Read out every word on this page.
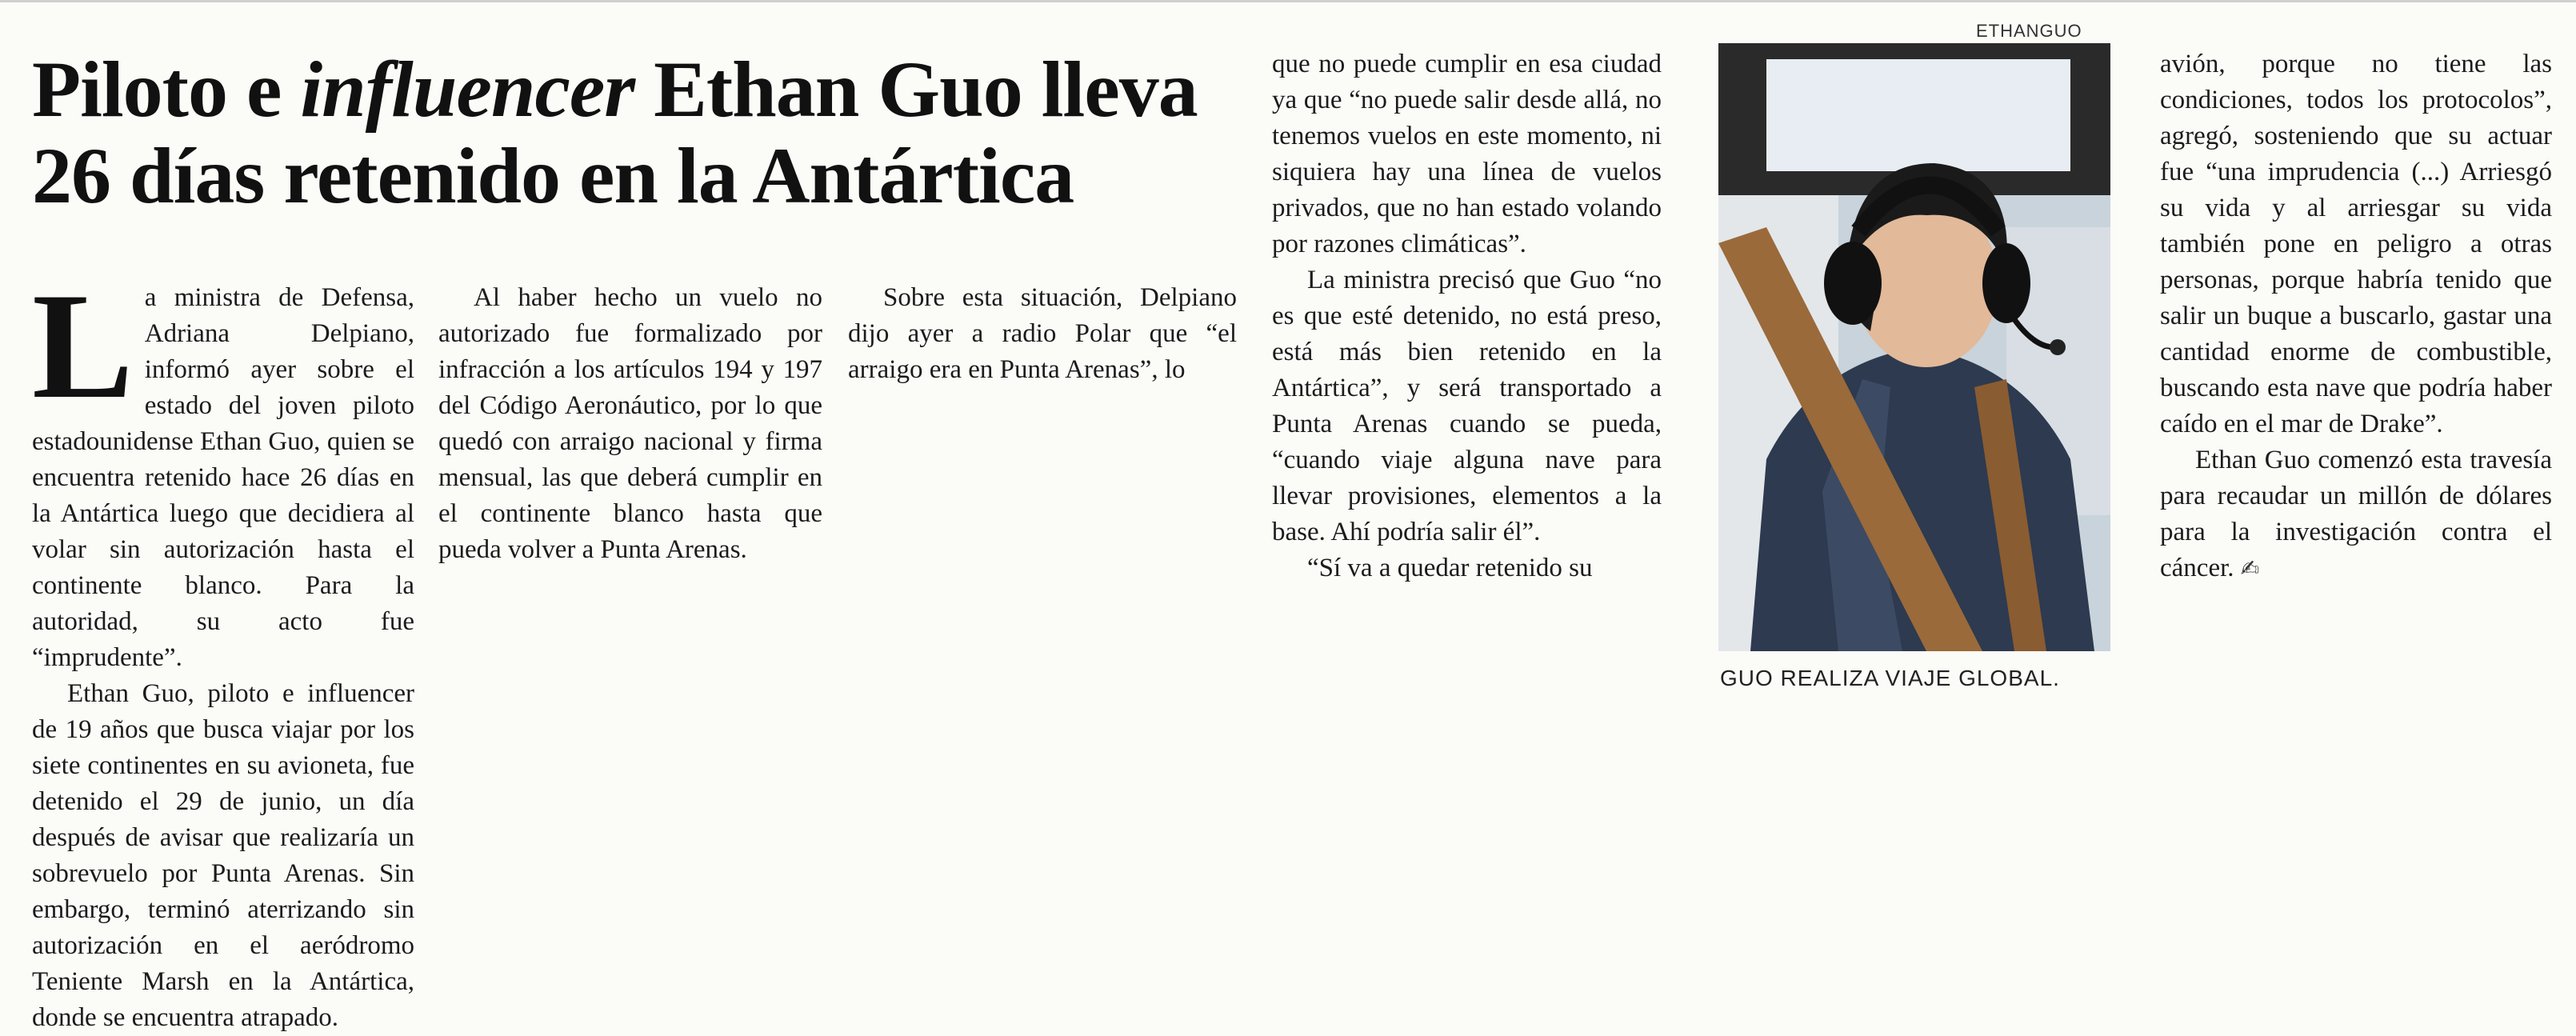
Piloto e influencer Ethan Guo lleva 26 días retenido en la Antártica

La ministra de Defensa, Adriana Delpiano, informó ayer sobre el estado del joven piloto estadounidense Ethan Guo, quien se encuentra retenido hace 26 días en la Antártica luego que decidiera al volar sin autorización hasta el continente blanco. Para la autoridad, su acto fue “imprudente”.

Ethan Guo, piloto e influencer de 19 años que busca viajar por los siete continentes en su avioneta, fue detenido el 29 de junio, un día después de avisar que realizaría un sobrevuelo por Punta Arenas. Sin embargo, terminó aterrizando sin autorización en el aeródromo Teniente Marsh en la Antártica, donde se encuentra atrapado.

Al haber hecho un vuelo no autorizado fue formalizado por infracción a los artículos 194 y 197 del Código Aeronáutico, por lo que quedó con arraigo nacional y firma mensual, las que deberá cumplir en el continente blanco hasta que pueda volver a Punta Arenas.

Sobre esta situación, Delpiano dijo ayer a radio Polar que “el arraigo era en Punta Arenas”, lo

que no puede cumplir en esa ciudad ya que “no puede salir desde allá, no tenemos vuelos en este momento, ni siquiera hay una línea de vuelos privados, que no han estado volando por razones climáticas”.

La ministra precisó que Guo “no es que esté detenido, no está preso, está más bien retenido en la Antártica”, y será transportado a Punta Arenas cuando se pueda, “cuando viaje alguna nave para llevar provisiones, elementos a la base. Ahí podría salir él”.

“Sí va a quedar retenido su

ETHANGUO
GUO REALIZA VIAJE GLOBAL.

avión, porque no tiene las condiciones, todos los protocolos”, agregó, sosteniendo que su actuar fue “una imprudencia (...) Arriesgó su vida y al arriesgar su vida también pone en peligro a otras personas, porque habría tenido que salir un buque a buscarlo, gastar una cantidad enorme de combustible, buscando esta nave que podría haber caído en el mar de Drake”.

Ethan Guo comenzó esta travesía para recaudar un millón de dólares para la investigación contra el cáncer. ✍
